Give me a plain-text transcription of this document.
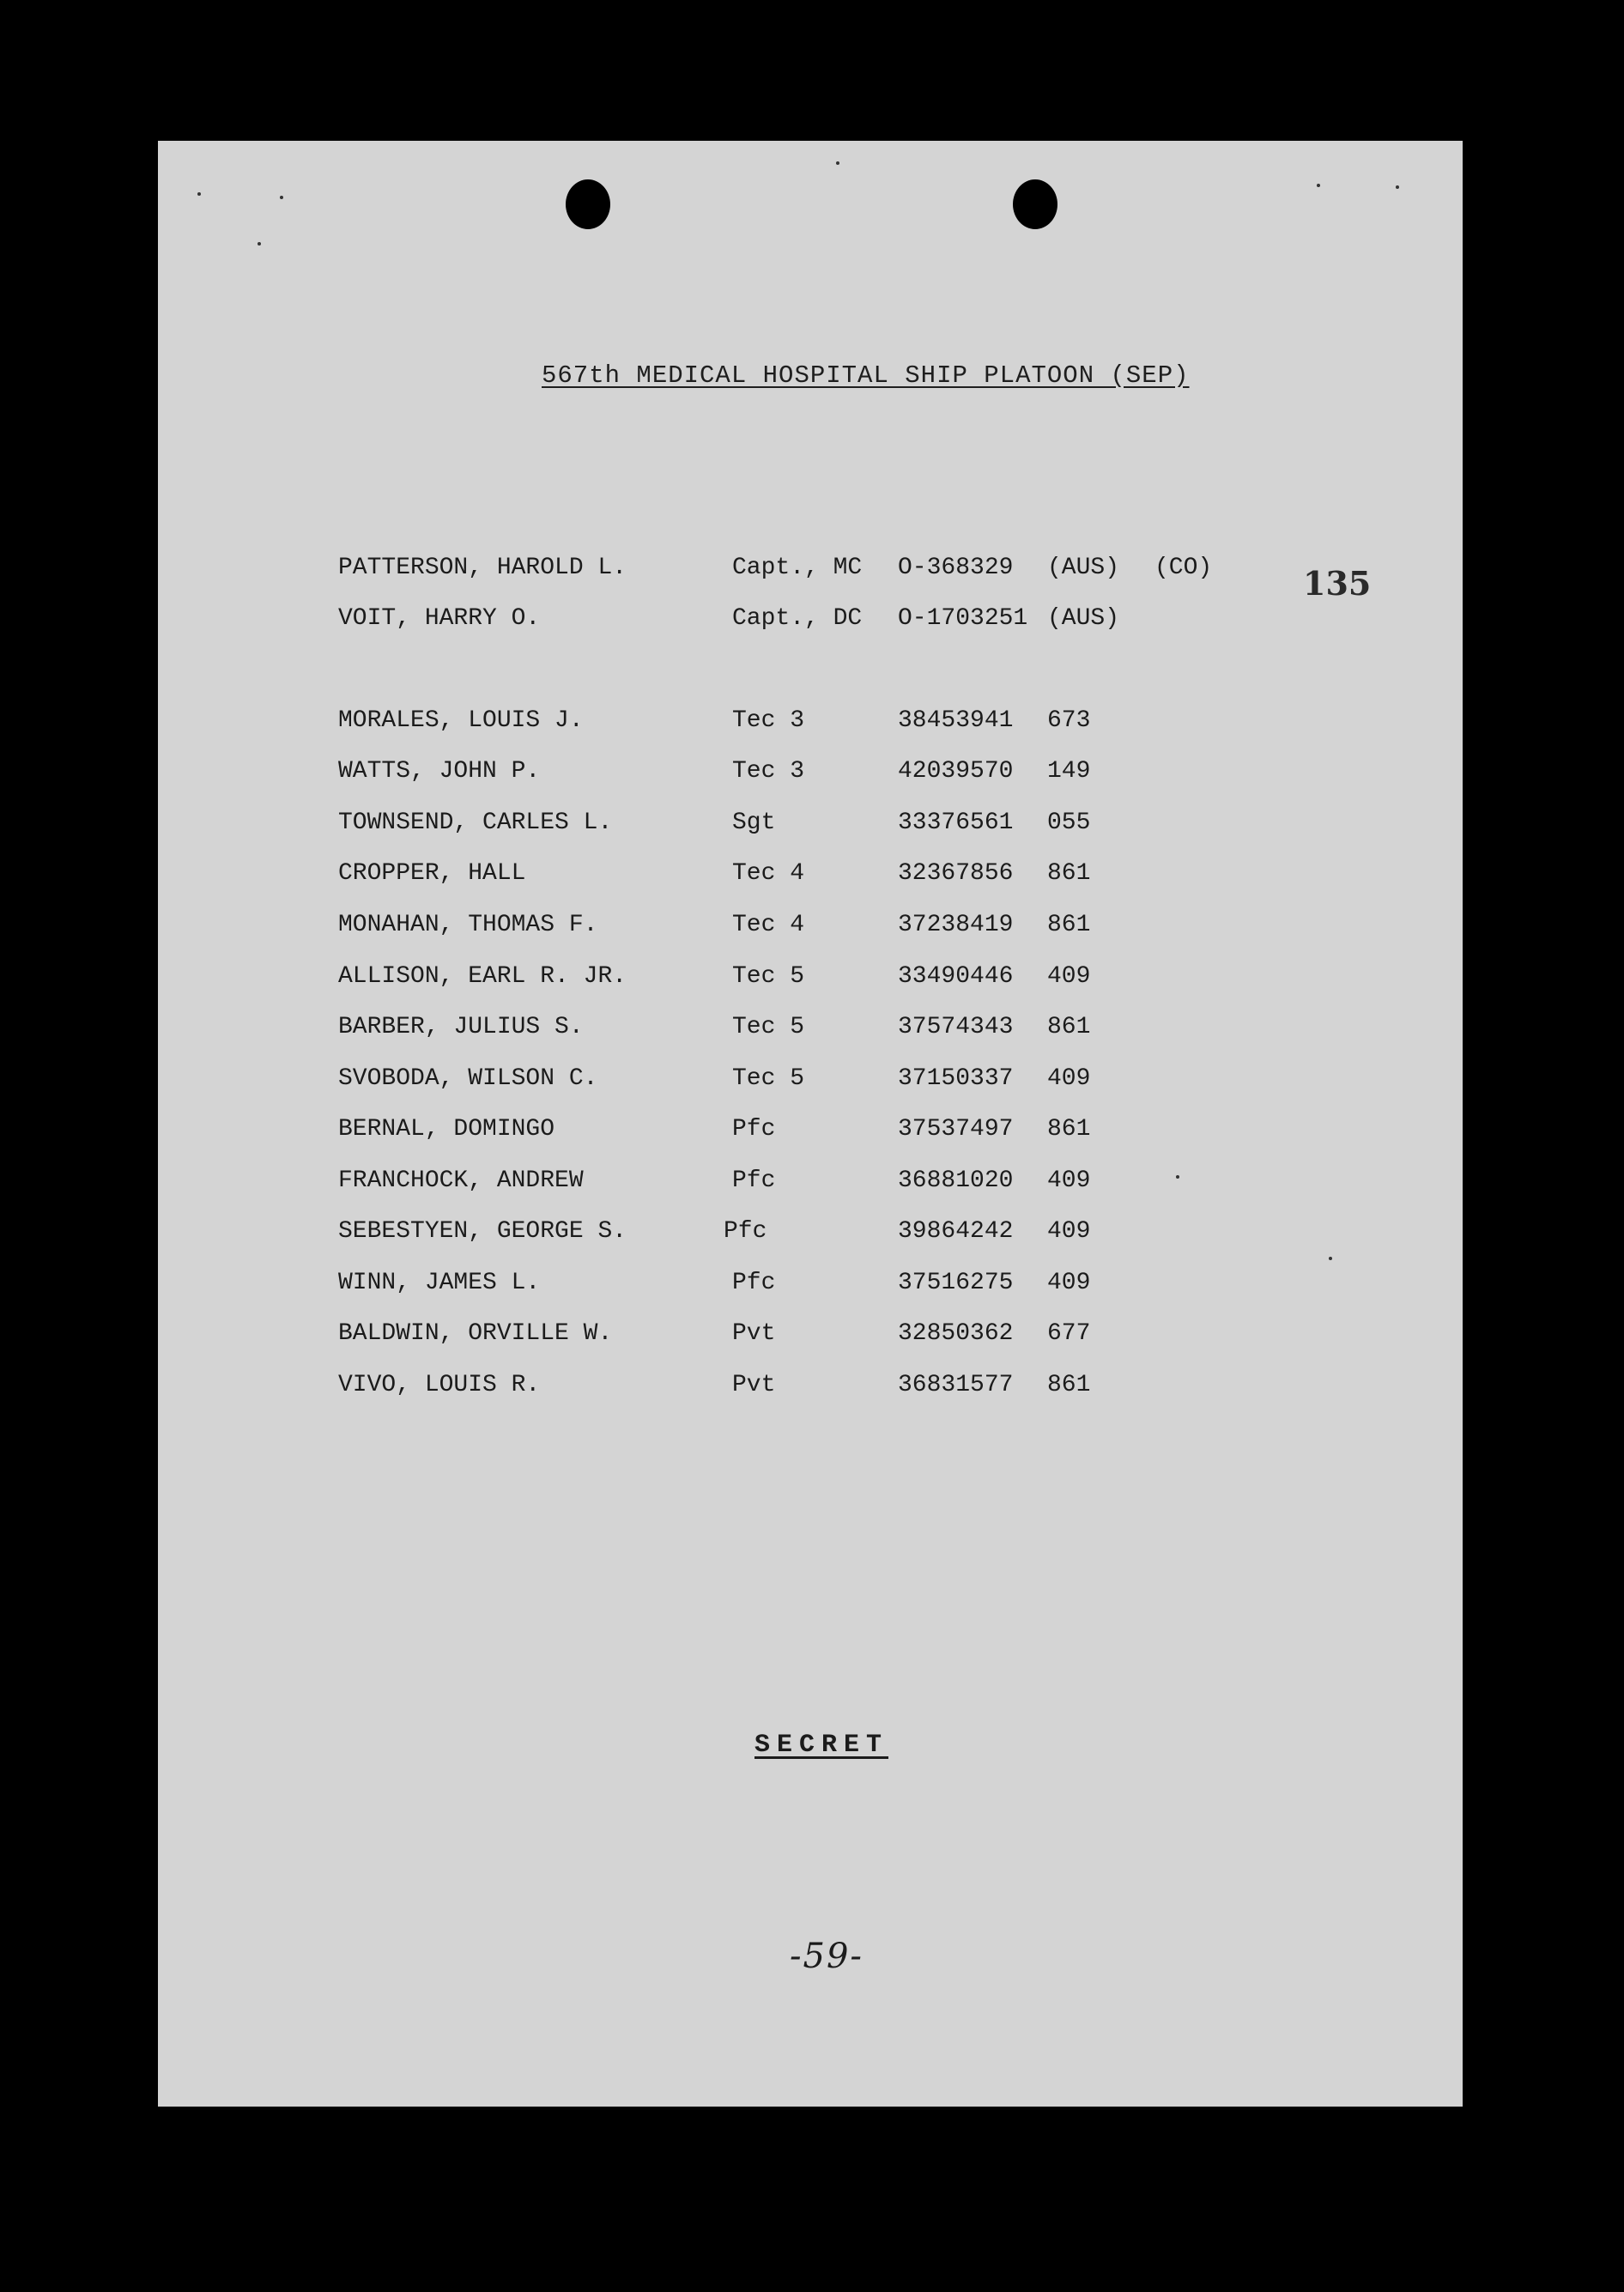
567th MEDICAL HOSPITAL SHIP PLATOON (SEP)
PATTERSON, HAROLD L.	Capt., MC O-368329 (AUS) (CO)
VOIT, HARRY O.	Capt., DC O-1703251 (AUS)
MORALES, LOUIS J.	Tec 3	38453941 673
WATTS, JOHN P.	Tec 3	42039570 149
TOWNSEND, CARLES L.	Sgt	33376561 055
CROPPER, HALL	Tec 4	32367856 861
MONAHAN, THOMAS F.	Tec 4	37238419 861
ALLISON, EARL R. JR.	Tec 5	33490446 409
BARBER, JULIUS S.	Tec 5	37574343 861
SVOBODA, WILSON C.	Tec 5	37150337 409
BERNAL, DOMINGO	Pfc	37537497 861
FRANCHOCK, ANDREW	Pfc	36881020 409
SEBESTYEN, GEORGE S.	Pfc	39864242 409
WINN, JAMES L.	Pfc	37516275 409
BALDWIN, ORVILLE W.	Pvt	32850362 677
VIVO, LOUIS R.	Pvt	36831577 861
135
SECRET
-59-
